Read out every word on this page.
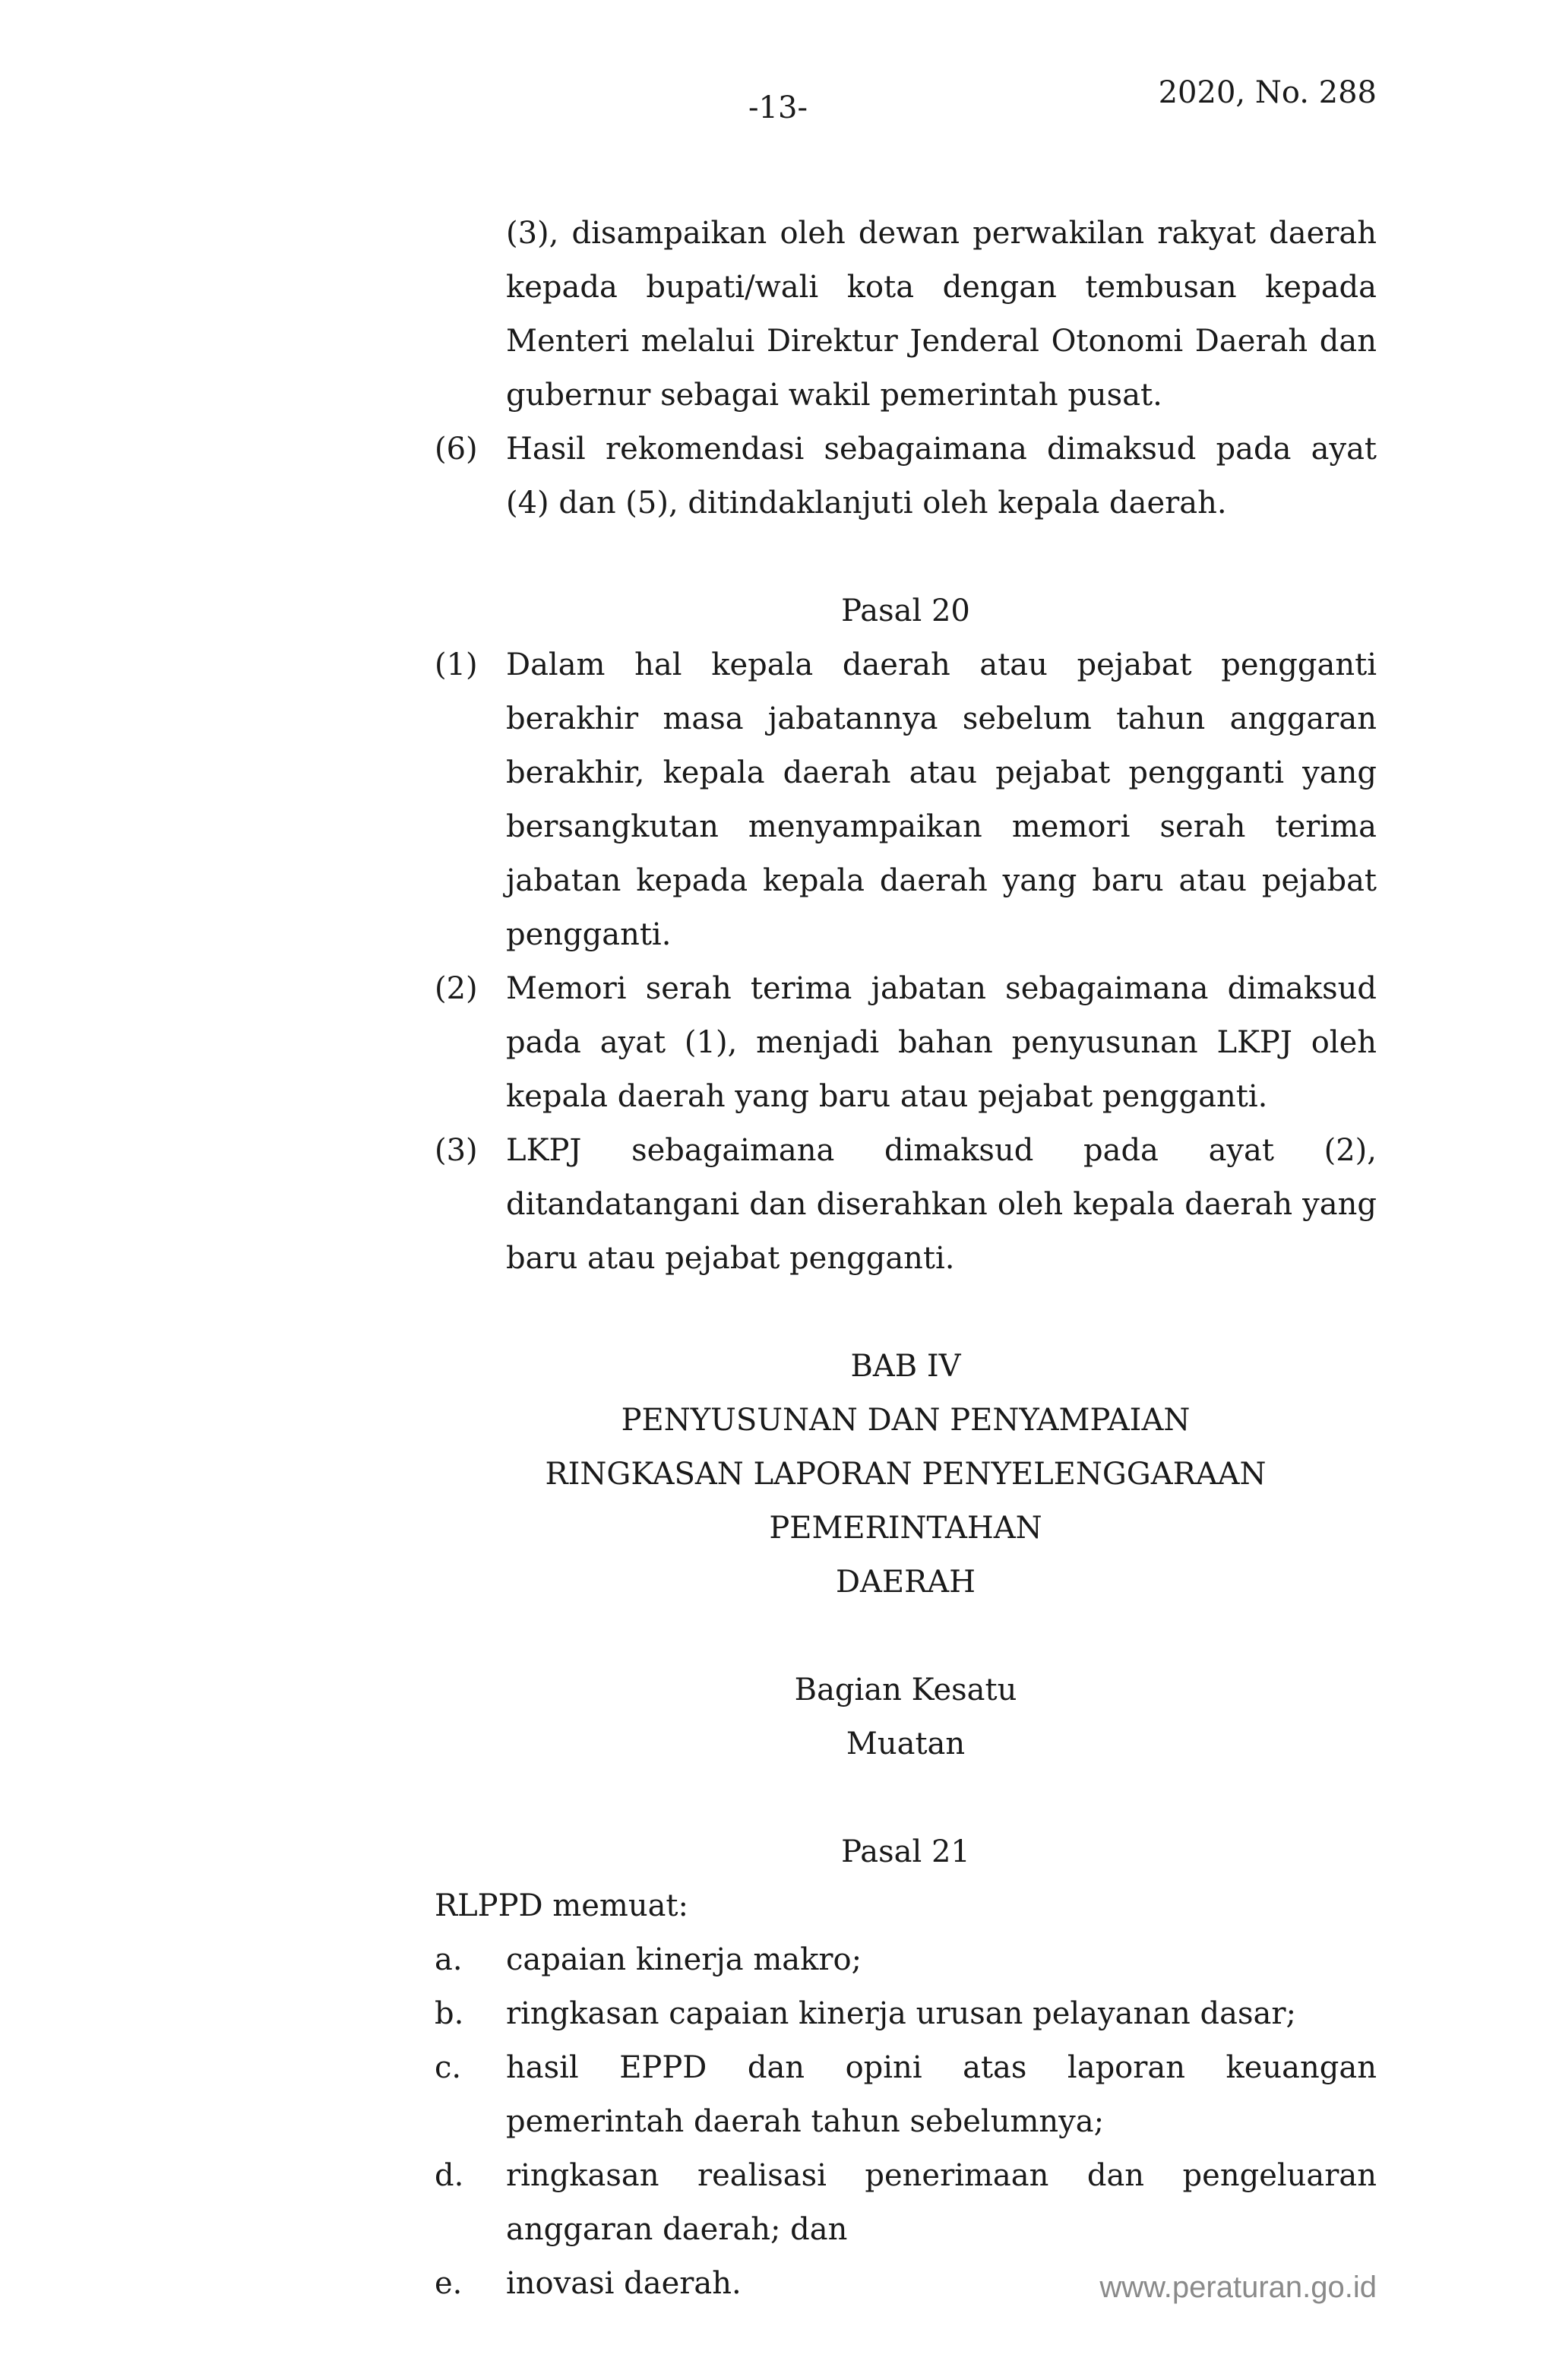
-13-	2020, No. 288
(3), disampaikan oleh dewan perwakilan rakyat daerah kepada bupati/wali kota dengan tembusan kepada Menteri melalui Direktur Jenderal Otonomi Daerah dan gubernur sebagai wakil pemerintah pusat.
(6) Hasil rekomendasi sebagaimana dimaksud pada ayat (4) dan (5), ditindaklanjuti oleh kepala daerah.
Pasal 20
(1) Dalam hal kepala daerah atau pejabat pengganti berakhir masa jabatannya sebelum tahun anggaran berakhir, kepala daerah atau pejabat pengganti yang bersangkutan menyampaikan memori serah terima jabatan kepada kepala daerah yang baru atau pejabat pengganti.
(2) Memori serah terima jabatan sebagaimana dimaksud pada ayat (1), menjadi bahan penyusunan LKPJ oleh kepala daerah yang baru atau pejabat pengganti.
(3) LKPJ sebagaimana dimaksud pada ayat (2), ditandatangani dan diserahkan oleh kepala daerah yang baru atau pejabat pengganti.
BAB IV
PENYUSUNAN DAN PENYAMPAIAN
RINGKASAN LAPORAN PENYELENGGARAAN PEMERINTAHAN
DAERAH
Bagian Kesatu
Muatan
Pasal 21
RLPPD memuat:
a.	capaian kinerja makro;
b.	ringkasan capaian kinerja urusan pelayanan dasar;
c.	hasil EPPD dan opini atas laporan keuangan pemerintah daerah tahun sebelumnya;
d.	ringkasan realisasi penerimaan dan pengeluaran anggaran daerah; dan
e.	inovasi daerah.	www.peraturan.go.id
